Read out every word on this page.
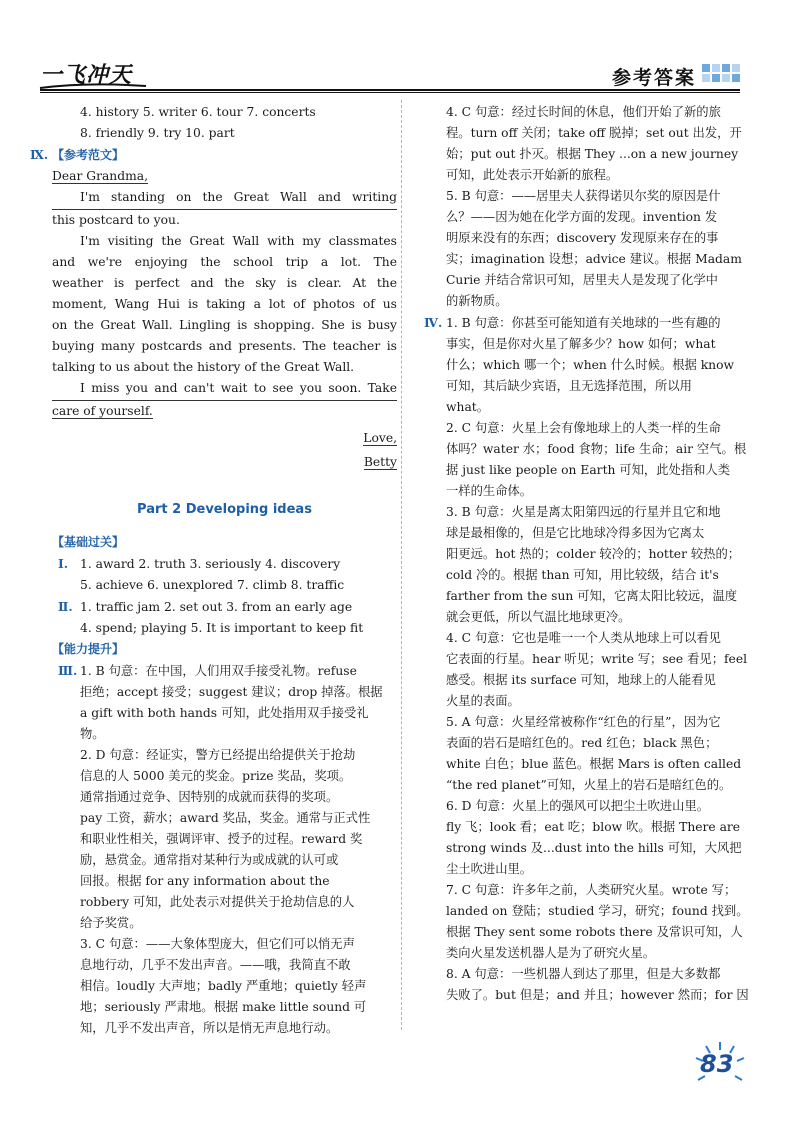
一飞冲天	参考答案
4. history 5. writer 6. tour 7. concerts
8. friendly 9. try 10. part
Ⅸ. 【参考范文】
Dear Grandma,
I'm standing on the Great Wall and writing
this postcard to you.
I'm visiting the Great Wall with my classmates
and we're enjoying the school trip a lot. The
weather is perfect and the sky is clear. At the
moment, Wang Hui is taking a lot of photos of us
on the Great Wall. Lingling is shopping. She is busy
buying many postcards and presents. The teacher is
talking to us about the history of the Great Wall.
I miss you and can't wait to see you soon. Take
care of yourself.
Love,
Betty
Part 2 Developing ideas
【基础过关】
Ⅰ. 1. award 2. truth 3. seriously 4. discovery
5. achieve 6. unexplored 7. climb 8. traffic
Ⅱ. 1. traffic jam 2. set out 3. from an early age
4. spend; playing 5. It is important to keep fit
【能力提升】
Ⅲ. 1. B 句意：在中国，人们用双手接受礼物。refuse
拒绝；accept 接受；suggest 建议；drop 掉落。根据
a gift with both hands 可知，此处指用双手接受礼
物。
2. D 句意：经证实，警方已经提出给提供关于抢劫
信息的人 5000 美元的奖金。prize 奖品，奖项。
通常指通过竞争、因特别的成就而获得的奖项。
pay 工资，薪水；award 奖品，奖金。通常与正式性
和职业性相关，强调评审、授予的过程。reward 奖
励，悬赏金。通常指对某种行为或成就的认可或
回报。根据 for any information about the
robbery 可知，此处表示对提供关于抢劫信息的人
给予奖赏。
3. C 句意：——大象体型庞大，但它们可以悄无声
息地行动，几乎不发出声音。——哦，我简直不敢
相信。loudly 大声地；badly 严重地；quietly 轻声
地；seriously 严肃地。根据 make little sound 可
知，几乎不发出声音，所以是悄无声息地行动。
4. C 句意：经过长时间的休息，他们开始了新的旅
程。turn off 关闭；take off 脱掉；set out 出发，开
始；put out 扑灭。根据 They ...on a new journey
可知，此处表示开始新的旅程。
5. B 句意：——居里夫人获得诺贝尔奖的原因是什
么？——因为她在化学方面的发现。invention 发
明原来没有的东西；discovery 发现原来存在的事
实；imagination 设想；advice 建议。根据 Madam
Curie 并结合常识可知，居里夫人是发现了化学中
的新物质。
Ⅳ. 1. B 句意：你甚至可能知道有关地球的一些有趣的
事实，但是你对火星了解多少？how 如何；what
什么；which 哪一个；when 什么时候。根据 know
可知，其后缺少宾语，且无选择范围，所以用
what。
2. C 句意：火星上会有像地球上的人类一样的生命
体吗？water 水；food 食物；life 生命；air 空气。根
据 just like people on Earth 可知，此处指和人类
一样的生命体。
3. B 句意：火星是离太阳第四远的行星并且它和地
球是最相像的，但是它比地球冷得多因为它离太
阳更远。hot 热的；colder 较冷的；hotter 较热的；
cold 冷的。根据 than 可知，用比较级，结合 it's
farther from the sun 可知，它离太阳比较远，温度
就会更低，所以气温比地球更冷。
4. C 句意：它也是唯一一个人类从地球上可以看见
它表面的行星。hear 听见；write 写；see 看见；feel
感受。根据 its surface 可知，地球上的人能看见
火星的表面。
5. A 句意：火星经常被称作“红色的行星”，因为它
表面的岩石是暗红色的。red 红色；black 黑色；
white 白色；blue 蓝色。根据 Mars is often called
“the red planet”可知，火星上的岩石是暗红色的。
6. D 句意：火星上的强风可以把尘土吹进山里。
fly 飞；look 看；eat 吃；blow 吹。根据 There are
strong winds 及...dust into the hills 可知，大风把
尘土吹进山里。
7. C 句意：许多年之前，人类研究火星。wrote 写；
landed on 登陆；studied 学习，研究；found 找到。
根据 They sent some robots there 及常识可知，人
类向火星发送机器人是为了研究火星。
8. A 句意：一些机器人到达了那里，但是大多数都
失败了。but 但是；and 并且；however 然而；for 因
83
